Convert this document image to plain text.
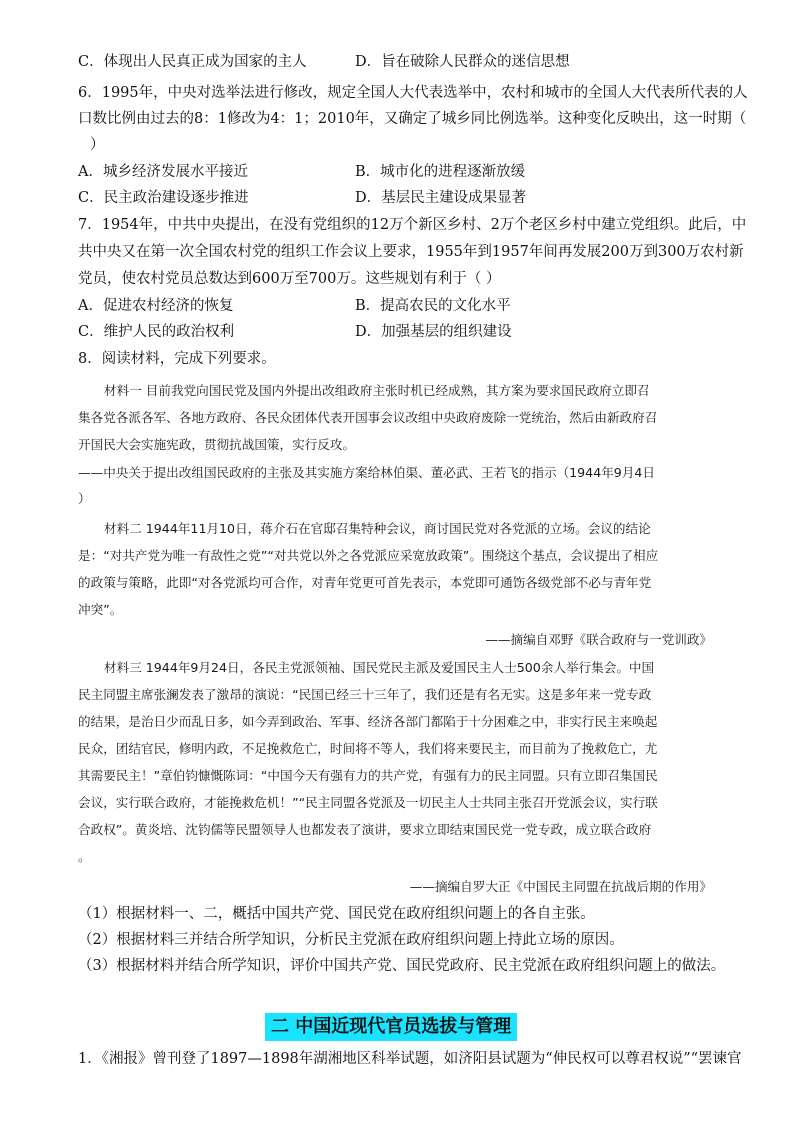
C．体现出人民真正成为国家的主人	D．旨在破除人民群众的迷信思想
6．1995年，中央对选举法进行修改，规定全国人大代表选举中，农村和城市的全国人大代表所代表的人
口数比例由过去的8：1修改为4：1；2010年，又确定了城乡同比例选举。这种变化反映出，这一时期（
）
A．城乡经济发展水平接近	B．城市化的进程逐渐放缓
C．民主政治建设逐步推进	D．基层民主建设成果显著
7．1954年，中共中央提出，在没有党组织的12万个新区乡村、2万个老区乡村中建立党组织。此后，中
共中央又在第一次全国农村党的组织工作会议上要求，1955年到1957年间再发展200万到300万农村新
党员，使农村党员总数达到600万至700万。这些规划有利于（ ）
A．促进农村经济的恢复	B．提高农民的文化水平
C．维护人民的政治权利	D．加强基层的组织建设
8．阅读材料，完成下列要求。
材料一 目前我党向国民党及国内外提出改组政府主张时机已经成熟，其方案为要求国民政府立即召
集各党各派各军、各地方政府、各民众团体代表开国事会议改组中央政府废除一党统治，然后由新政府召
开国民大会实施宪政，贯彻抗战国策，实行反攻。
——中央关于提出改组国民政府的主张及其实施方案给林伯渠、董必武、王若飞的指示（1944年9月4日
）
材料二 1944年11月10日，蒋介石在官邸召集特种会议，商讨国民党对各党派的立场。会议的结论
是：“对共产党为唯一有敌性之党”“对共党以外之各党派应采宽放政策”。围绕这个基点，会议提出了相应
的政策与策略，此即“对各党派均可合作，对青年党更可首先表示，本党即可通饬各级党部不必与青年党
冲突”。
——摘编自邓野《联合政府与一党训政》
材料三 1944年9月24日，各民主党派领袖、国民党民主派及爱国民主人士500余人举行集会。中国
民主同盟主席张澜发表了激昂的演说：“民国已经三十三年了，我们还是有名无实。这是多年来一党专政
的结果，是治日少而乱日多，如今弄到政治、军事、经济各部门都陷于十分困难之中，非实行民主来唤起
民众，团结官民，修明内政，不足挽救危亡，时间将不等人，我们将来要民主，而目前为了挽救危亡，尤
其需要民主！”章伯钧慷慨陈词：“中国今天有强有力的共产党，有强有力的民主同盟。只有立即召集国民
会议，实行联合政府，才能挽救危机！”“民主同盟各党派及一切民主人士共同主张召开党派会议，实行联
合政权”。黄炎培、沈钧儒等民盟领导人也都发表了演讲，要求立即结束国民党一党专政，成立联合政府
。
——摘编自罗大正《中国民主同盟在抗战后期的作用》
（1）根据材料一、二，概括中国共产党、国民党在政府组织问题上的各自主张。
（2）根据材料三并结合所学知识，分析民主党派在政府组织问题上持此立场的原因。
（3）根据材料并结合所学知识，评价中国共产党、国民党政府、民主党派在政府组织问题上的做法。
二 中国近现代官员选拔与管理
1．《湘报》曾刊登了1897—1898年湖湘地区科举试题，如济阳县试题为“伸民权可以尊君权说”“罢谏官
